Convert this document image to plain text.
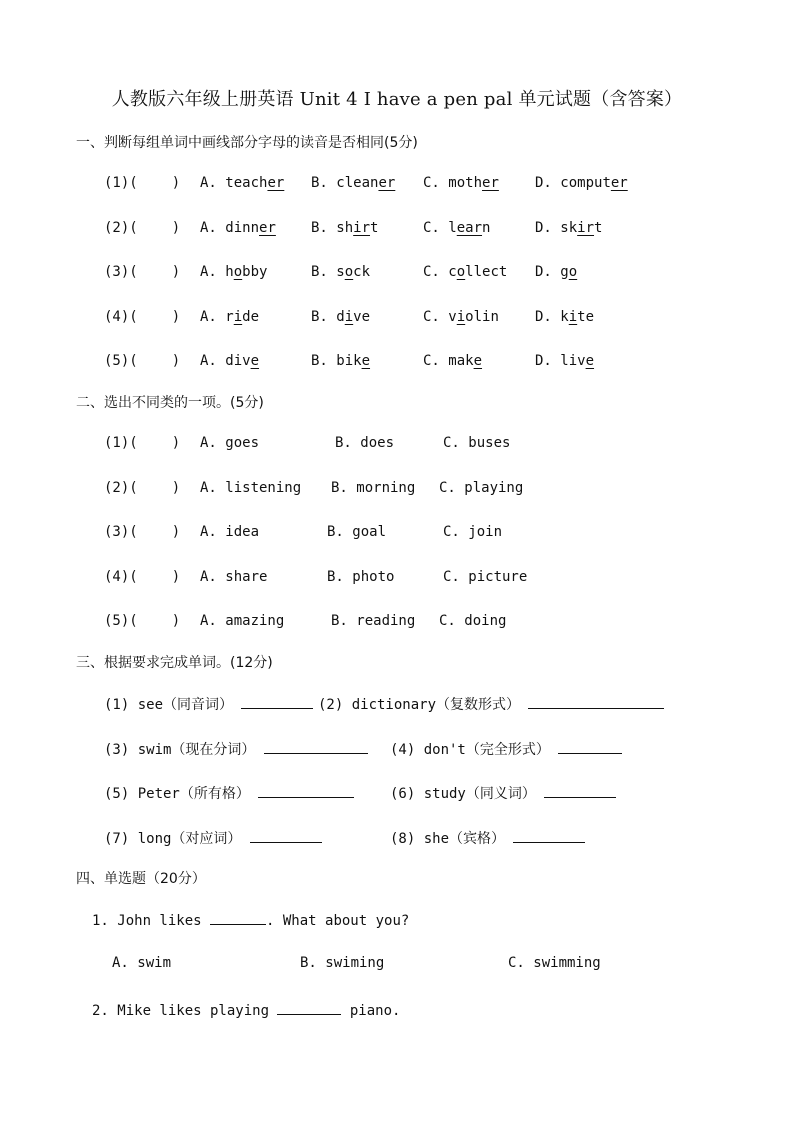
人教版六年级上册英语 Unit 4 I have a pen pal 单元试题（含答案）
一、判断每组单词中画线部分字母的读音是否相同(5分)
(1)( ) A. teacher B. cleaner C. mother	D. computer
(2)( ) A. dinner	B. shirt	C. learn	D. skirt
(3)( ) A. hobby	B. sock	C. collect D. go
(4)( ) A. ride	B. dive	C. violin	D. kite
(5)( ) A. dive	B. bike	C. make	D. live
二、选出不同类的一项。(5分)
(1)( ) A. goes	B. does	C. buses
(2)( ) A. listening B. morning C. playing
(3)( ) A. idea	B. goal	C. join
(4)( ) A. share	B. photo	C. picture
(5)( ) A. amazing	B. reading C. doing
三、根据要求完成单词。(12分)
(1) see（同音词）	(2) dictionary（复数形式）
(3) swim（现在分词）	(4) don't（完全形式）
(5) Peter（所有格）	(6) study（同义词）
(7) long（对应词）	(8) she（宾格）
四、单选题（20分）
1. John likes	. What about you?
A. swim	B. swiming	C. swimming
2. Mike likes playing	piano.
